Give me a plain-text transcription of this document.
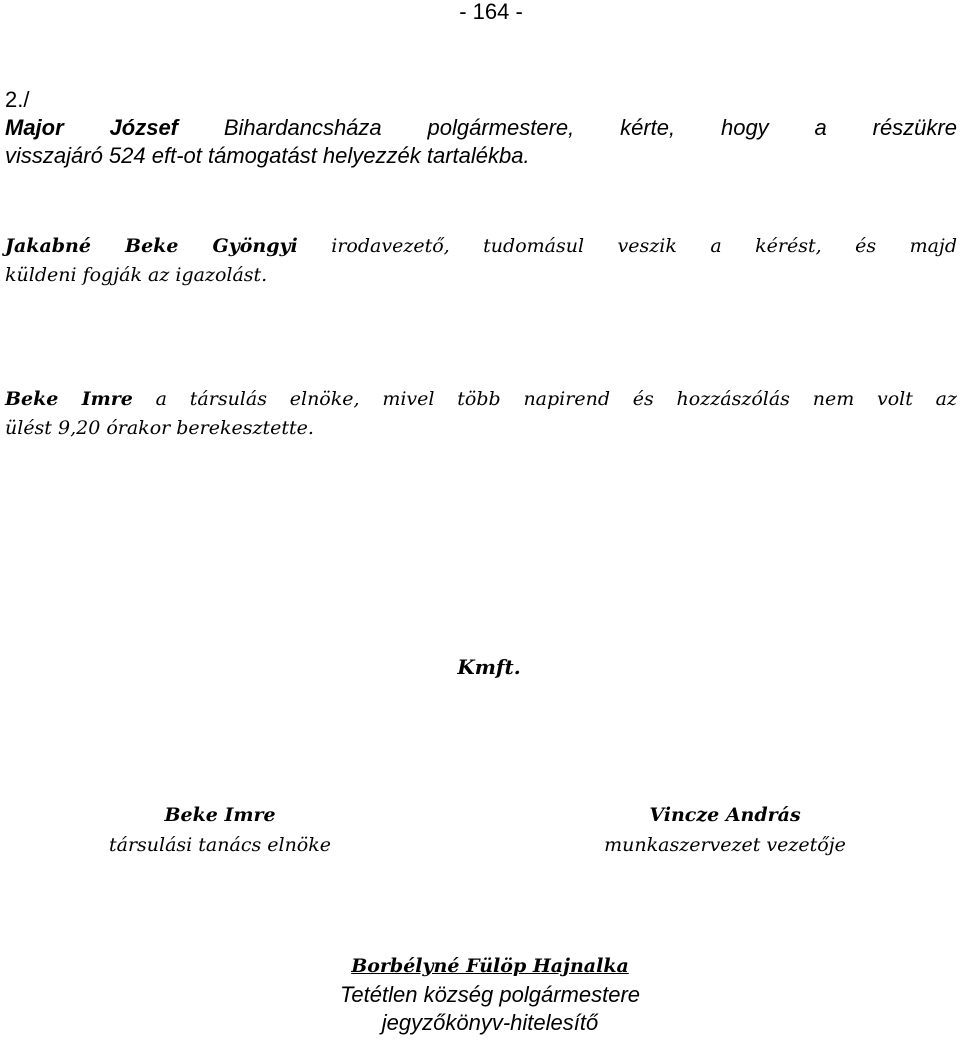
- 164 -
2./
Major József Bihardancsháza polgármestere, kérte, hogy a részükre
visszajáró 524 eft-ot támogatást helyezzék tartalékba.
Jakabné Beke Gyöngyi irodavezető, tudomásul veszik a kérést, és majd
küldeni fogják az igazolást.
Beke Imre a társulás elnöke, mivel több napirend és hozzászólás nem volt az
ülést 9,20 órakor berekesztette.
Kmft.
Beke Imre
társulási tanács elnöke
Vincze András
munkaszervezet vezetője
Borbélyné Fülöp Hajnalka
Tetétlen község polgármestere
jegyzőkönyv-hitelesítő
